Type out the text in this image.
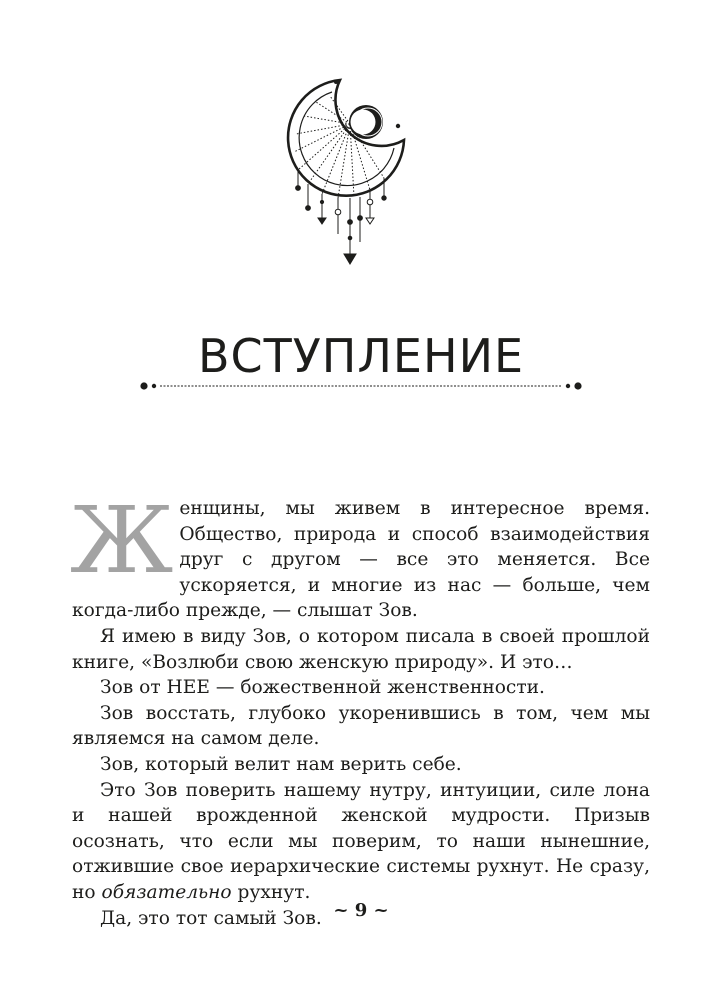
ВСТУПЛЕНИЕ

Женщины, мы живем в интересное время. Общество, природа и способ взаимодействия друг с другом — все это меняется. Все ускоряется, и многие из нас — больше, чем когда-либо прежде, — слышат Зов.

Я имею в виду Зов, о котором писала в своей прошлой книге, «Возлюби свою женскую природу». И это…

Зов от НЕЕ — божественной женственности.

Зов восстать, глубоко укоренившись в том, чем мы являемся на самом деле.

Зов, который велит нам верить себе.

Это Зов поверить нашему нутру, интуиции, силе лона и нашей врожденной женской мудрости. Призыв осознать, что если мы поверим, то наши нынешние, отжившие свое иерархические системы рухнут. Не сразу, но обязательно рухнут.

Да, это тот самый Зов. ~ 9 ~
